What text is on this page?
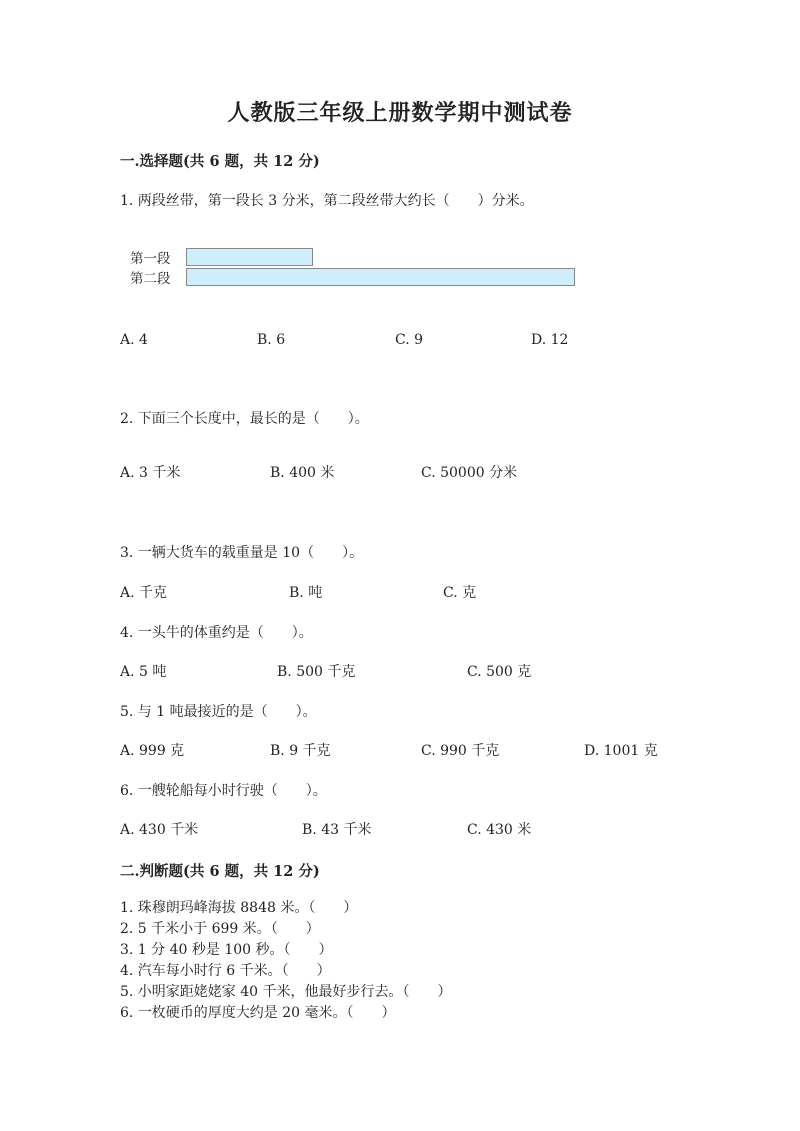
人教版三年级上册数学期中测试卷
一.选择题(共 6 题，共 12 分)
1. 两段丝带，第一段长 3 分米，第二段丝带大约长（　　）分米。
第一段
第二段
A. 4	B. 6	C. 9	D. 12
2. 下面三个长度中，最长的是（　　）。
A. 3 千米	B. 400 米	C. 50000 分米
3. 一辆大货车的载重量是 10（　　）。
A. 千克	B. 吨	C. 克
4. 一头牛的体重约是（　　）。
A. 5 吨	B. 500 千克	C. 500 克
5. 与 1 吨最接近的是（　　）。
A. 999 克	B. 9 千克	C. 990 千克	D. 1001 克
6. 一艘轮船每小时行驶（　　）。
A. 430 千米	B. 43 千米	C. 430 米
二.判断题(共 6 题，共 12 分)
1. 珠穆朗玛峰海拔 8848 米。（　　）
2. 5 千米小于 699 米。（　　）
3. 1 分 40 秒是 100 秒。（　　）
4. 汽车每小时行 6 千米。（　　）
5. 小明家距姥姥家 40 千米，他最好步行去。（　　）
6. 一枚硬币的厚度大约是 20 毫米。（　　）
